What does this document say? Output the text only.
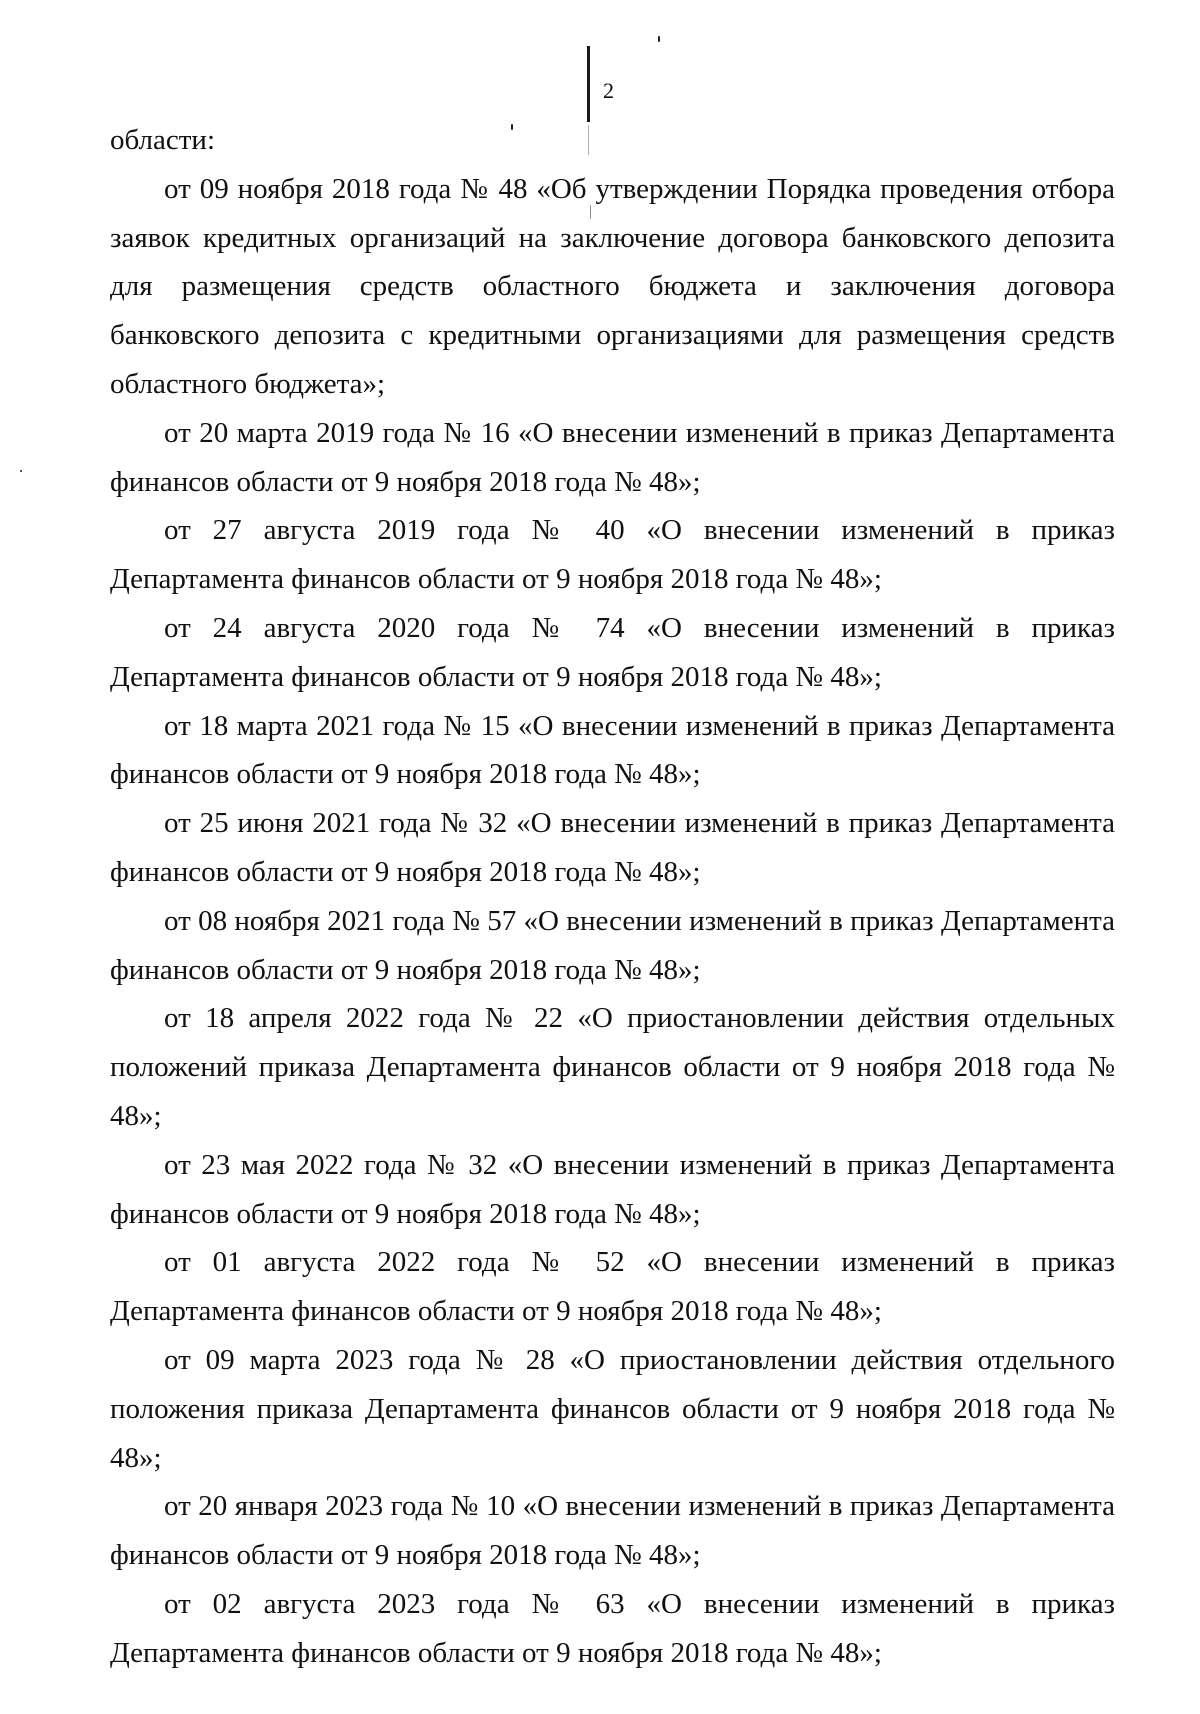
2

области:

от 09 ноября 2018 года № 48 «Об утверждении Порядка проведения отбора заявок кредитных организаций на заключение договора банковского депозита для размещения средств областного бюджета и заключения договора банковского депозита с кредитными организациями для размещения средств областного бюджета»;

от 20 марта 2019 года № 16 «О внесении изменений в приказ Департамента финансов области от 9 ноября 2018 года № 48»;

от 27 августа 2019 года № 40 «О внесении изменений в приказ Департамента финансов области от 9 ноября 2018 года № 48»;

от 24 августа 2020 года № 74 «О внесении изменений в приказ Департамента финансов области от 9 ноября 2018 года № 48»;

от 18 марта 2021 года № 15 «О внесении изменений в приказ Департамента финансов области от 9 ноября 2018 года № 48»;

от 25 июня 2021 года № 32 «О внесении изменений в приказ Департамента финансов области от 9 ноября 2018 года № 48»;

от 08 ноября 2021 года № 57 «О внесении изменений в приказ Департамента финансов области от 9 ноября 2018 года № 48»;

от 18 апреля 2022 года № 22 «О приостановлении действия отдельных положений приказа Департамента финансов области от 9 ноября 2018 года № 48»;

от 23 мая 2022 года № 32 «О внесении изменений в приказ Департамента финансов области от 9 ноября 2018 года № 48»;

от 01 августа 2022 года № 52 «О внесении изменений в приказ Департамента финансов области от 9 ноября 2018 года № 48»;

от 09 марта 2023 года № 28 «О приостановлении действия отдельного положения приказа Департамента финансов области от 9 ноября 2018 года № 48»;

от 20 января 2023 года № 10 «О внесении изменений в приказ Департамента финансов области от 9 ноября 2018 года № 48»;

от 02 августа 2023 года № 63 «О внесении изменений в приказ Департамента финансов области от 9 ноября 2018 года № 48»;
